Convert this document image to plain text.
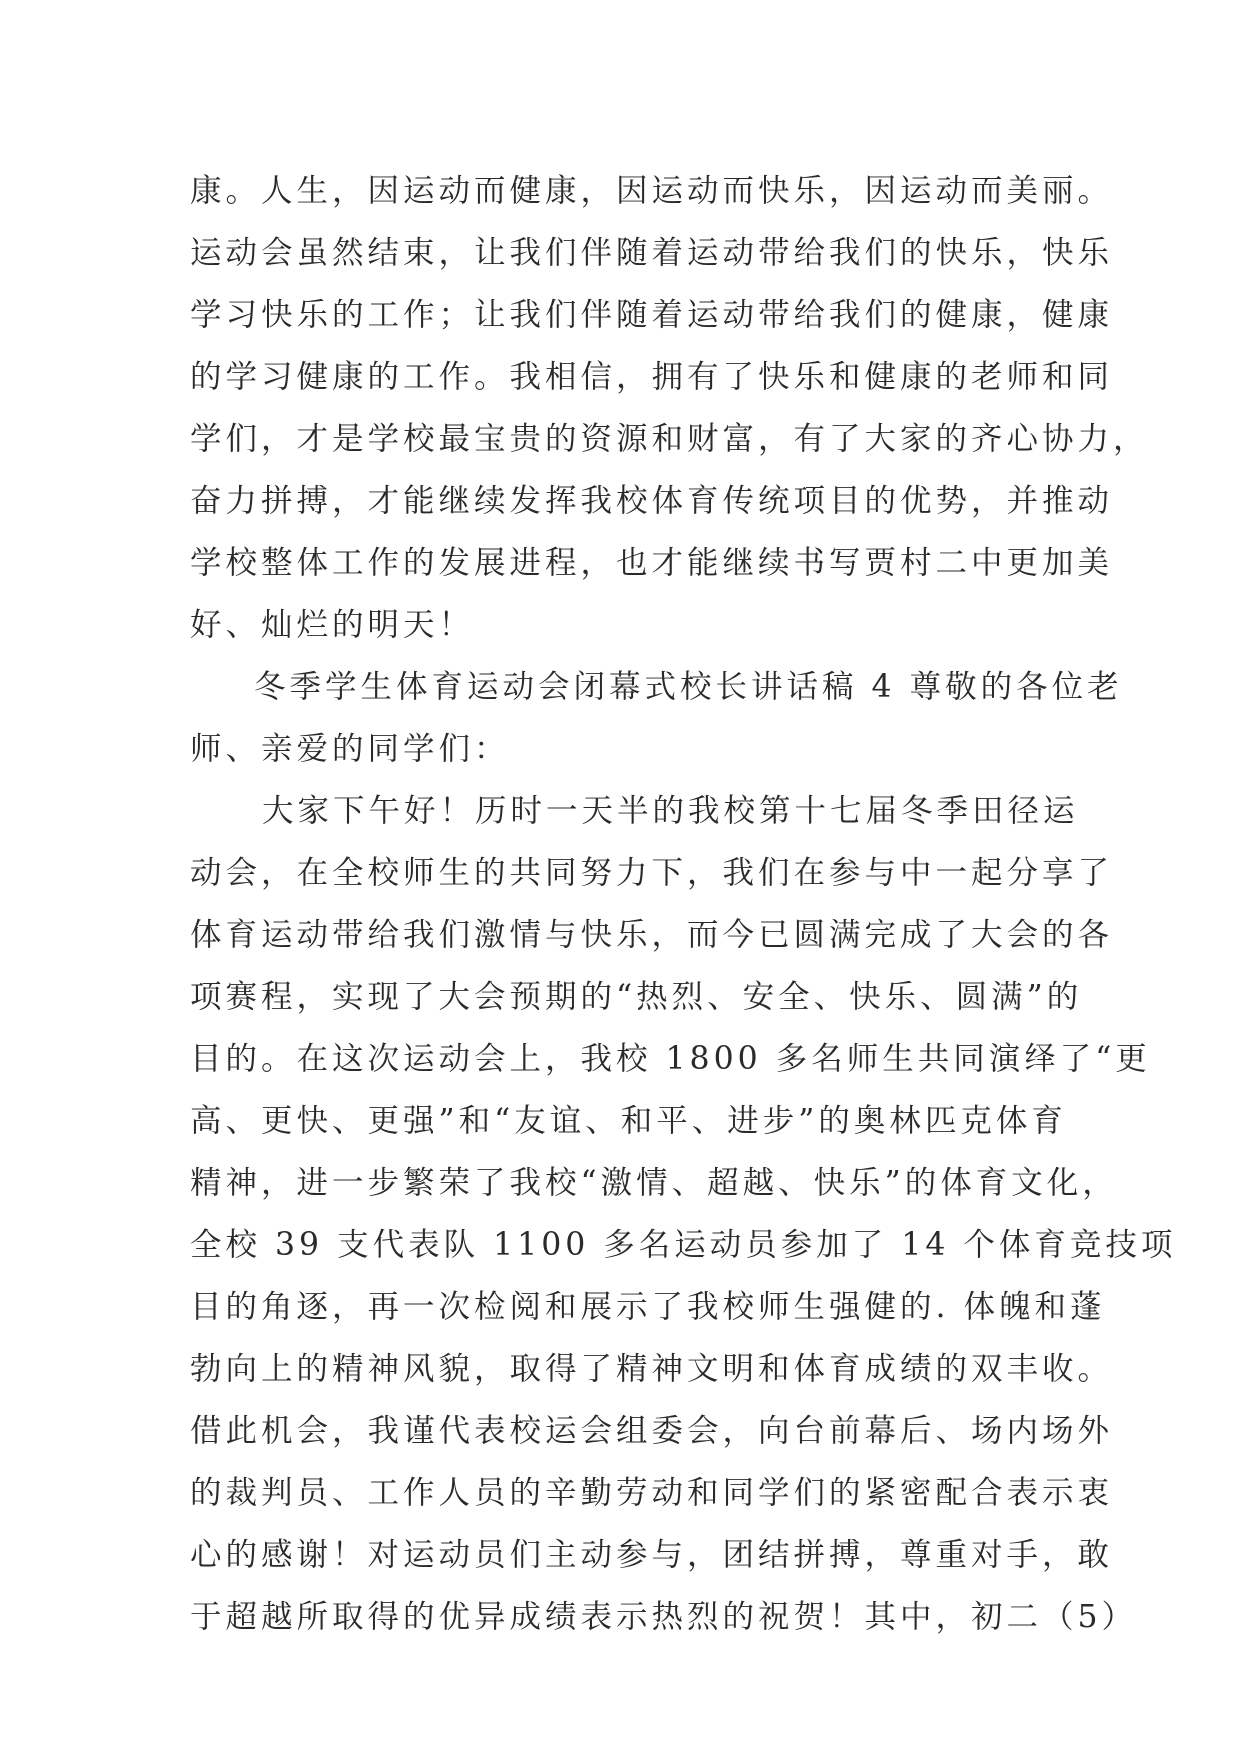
康。人生，因运动而健康，因运动而快乐，因运动而美丽。
运动会虽然结束，让我们伴随着运动带给我们的快乐，快乐
学习快乐的工作；让我们伴随着运动带给我们的健康，健康
的学习健康的工作。我相信，拥有了快乐和健康的老师和同
学们，才是学校最宝贵的资源和财富，有了大家的齐心协力，
奋力拼搏，才能继续发挥我校体育传统项目的优势，并推动
学校整体工作的发展进程，也才能继续书写贾村二中更加美
好、灿烂的明天！
冬季学生体育运动会闭幕式校长讲话稿 4 尊敬的各位老
师、亲爱的同学们：
大家下午好！历时一天半的我校第十七届冬季田径运
动会，在全校师生的共同努力下，我们在参与中一起分享了
体育运动带给我们激情与快乐，而今已圆满完成了大会的各
项赛程，实现了大会预期的“热烈、安全、快乐、圆满”的
目的。在这次运动会上，我校 1800 多名师生共同演绎了“更
高、更快、更强”和“友谊、和平、进步”的奥林匹克体育
精神，进一步繁荣了我校“激情、超越、快乐”的体育文化，
全校 39 支代表队 1100 多名运动员参加了 14 个体育竞技项
目的角逐，再一次检阅和展示了我校师生强健的. 体魄和蓬
勃向上的精神风貌，取得了精神文明和体育成绩的双丰收。
借此机会，我谨代表校运会组委会，向台前幕后、场内场外
的裁判员、工作人员的辛勤劳动和同学们的紧密配合表示衷
心的感谢！对运动员们主动参与，团结拼搏，尊重对手，敢
于超越所取得的优异成绩表示热烈的祝贺！其中，初二（5）
